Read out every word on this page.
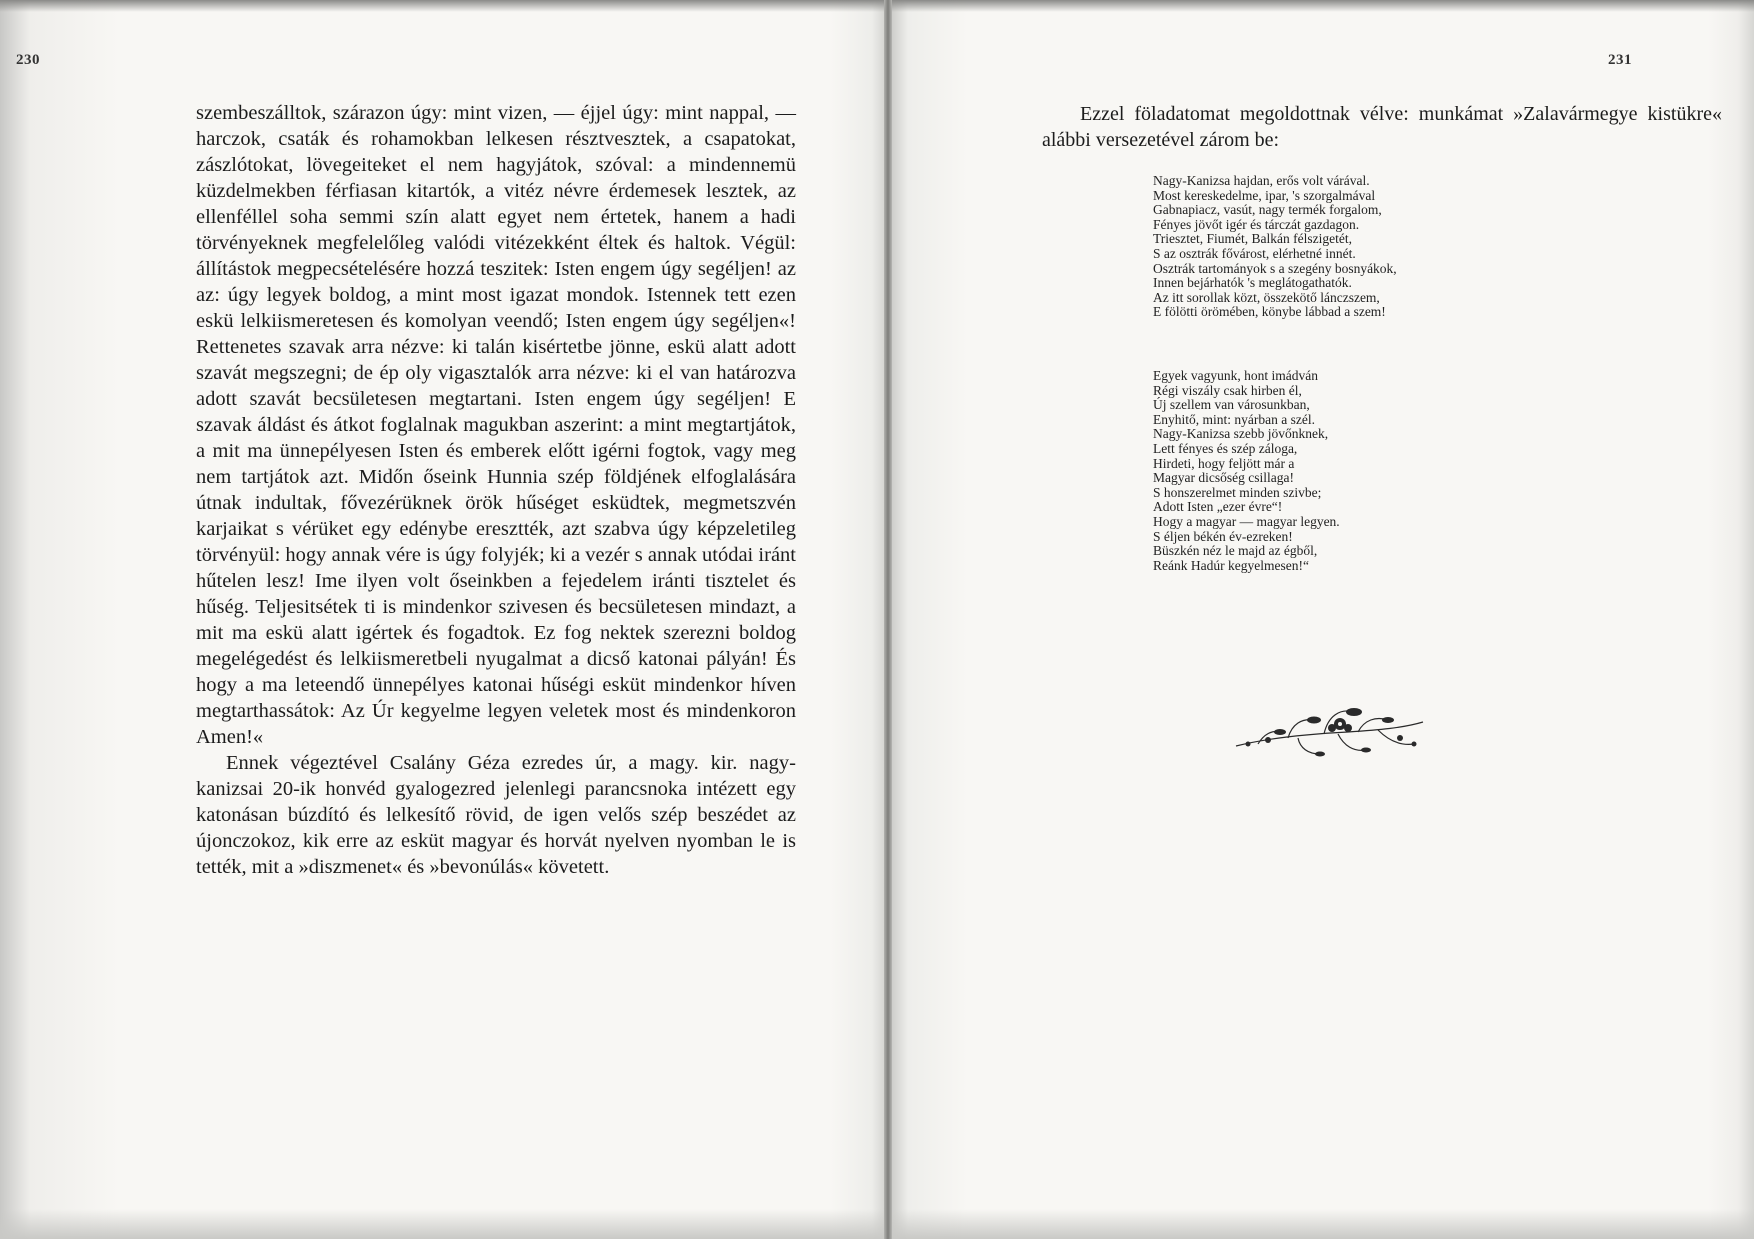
230

szembeszálltok, szárazon úgy: mint vizen, — éjjel úgy: mint nappal, — harczok, csaták és rohamokban lelkesen résztvesztek, a csapatokat, zászlótokat, lövegeiteket el nem hagyjátok, szóval: a mindennemü küzdelmekben férfiasan kitartók, a vitéz névre érdemesek lesztek, az ellenféllel soha semmi szín alatt egyet nem értetek, hanem a hadi törvényeknek megfelelőleg valódi vitézekként éltek és haltok. Végül: állítástok megpecsételésére hozzá teszitek: Isten engem úgy segéljen! az az: úgy legyek boldog, a mint most igazat mondok. Istennek tett ezen eskü lelkiismeretesen és komolyan veendő; Isten engem úgy segéljen«! Rettenetes szavak arra nézve: ki talán kisértetbe jönne, eskü alatt adott szavát megszegni; de ép oly vigasztalók arra nézve: ki el van határozva adott szavát becsületesen megtartani. Isten engem úgy segéljen! E szavak áldást és átkot foglalnak magukban aszerint: a mint megtartjátok, a mit ma ünnepélyesen Isten és emberek előtt igérni fogtok, vagy meg nem tartjátok azt. Midőn őseink Hunnia szép földjének elfoglalására útnak indultak, fővezérüknek örök hűséget esküdtek, megmetszvén karjaikat s vérüket egy edénybe eresztték, azt szabva úgy képzeletileg törvényül: hogy annak vére is úgy folyjék; ki a vezér s annak utódai iránt hűtelen lesz! Ime ilyen volt őseinkben a fejedelem iránti tisztelet és hűség. Teljesitsétek ti is mindenkor szivesen és becsületesen mindazt, a mit ma eskü alatt igértek és fogadtok. Ez fog nektek szerezni boldog megelégedést és lelkiismeretbeli nyugalmat a dicső katonai pályán! És hogy a ma leteendő ünnepélyes katonai hűségi esküt mindenkor híven megtarthassátok: Az Úr kegyelme legyen veletek most és mindenkoron Amen!«

Ennek végeztével Csalány Géza ezredes úr, a magy. kir. nagy-kanizsai 20-ik honvéd gyalogezred jelenlegi parancsnoka intézett egy katonásan búzdító és lelkesítő rövid, de igen velős szép beszédet az újonczokoz, kik erre az esküt magyar és horvát nyelven nyomban le is tették, mit a »diszmenet« és »bevonúlás« követett.

231
Ezzel föladatomat megoldottnak vélve: munkámat »Zalavármegye kistükre« alábbi versezetével zárom be:
Nagy-Kanizsa hajdan, erős volt várával.
Most kereskedelme, ipar, 's szorgalmával
Gabnapiacz, vasút, nagy termék forgalom,
Fényes jövőt igér és tárczát gazdagon.
Triesztet, Fiumét, Balkán félszigetét,
S az osztrák fővárost, elérhetné innét.
Osztrák tartományok s a szegény bosnyákok,
Innen bejárhatók 's meglátogathatók.
Az itt sorollak közt, összekötő lánczszem,
E fölötti örömében, könybe lábbad a szem!
Egyek vagyunk, hont imádván
Régi viszály csak hirben él,
Új szellem van városunkban,
Enyhitő, mint: nyárban a szél.
Nagy-Kanizsa szebb jövőnknek,
Lett fényes és szép záloga,
Hirdeti, hogy feljött már a
Magyar dicsőség csillaga!
S honszerelmet minden szivbe;
Adott Isten „ezer évre“!
Hogy a magyar — magyar legyen.
S éljen békén év-ezreken!
Büszkén néz le majd az égből,
Reánk Hadúr kegyelmesen!“
